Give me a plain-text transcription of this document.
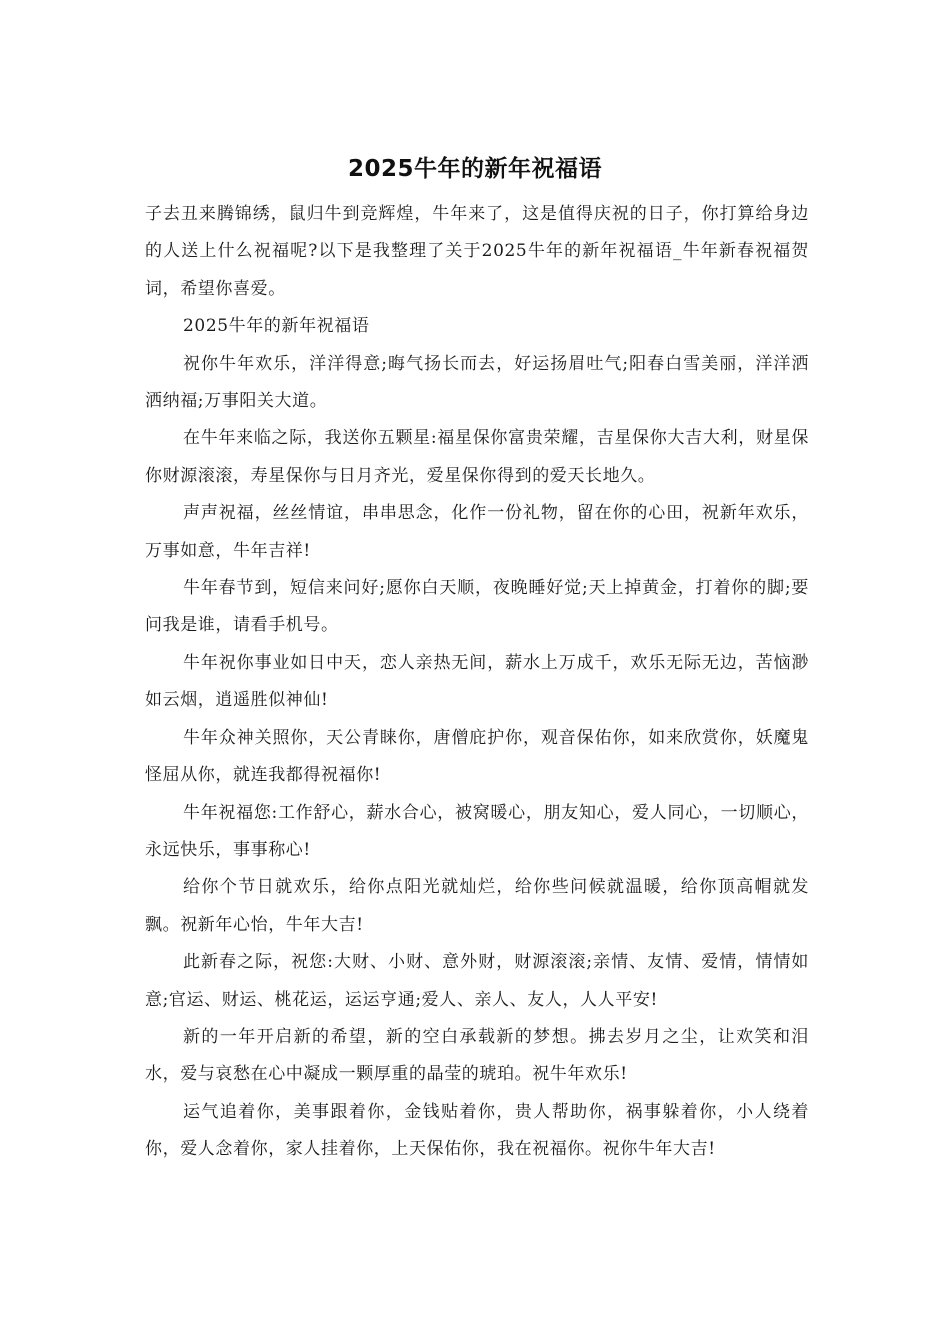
2025牛年的新年祝福语

子去丑来腾锦绣，鼠归牛到竞辉煌，牛年来了，这是值得庆祝的日子，你打算给身边的人送上什么祝福呢?以下是我整理了关于2025牛年的新年祝福语_牛年新春祝福贺词，希望你喜爱。

2025牛年的新年祝福语

祝你牛年欢乐，洋洋得意;晦气扬长而去，好运扬眉吐气;阳春白雪美丽，洋洋洒洒纳福;万事阳关大道。

在牛年来临之际，我送你五颗星:福星保你富贵荣耀，吉星保你大吉大利，财星保你财源滚滚，寿星保你与日月齐光，爱星保你得到的爱天长地久。

声声祝福，丝丝情谊，串串思念，化作一份礼物，留在你的心田，祝新年欢乐，万事如意，牛年吉祥!

牛年春节到，短信来问好;愿你白天顺，夜晚睡好觉;天上掉黄金，打着你的脚;要问我是谁，请看手机号。

牛年祝你事业如日中天，恋人亲热无间，薪水上万成千，欢乐无际无边，苦恼渺如云烟，逍遥胜似神仙!

牛年众神关照你，天公青睐你，唐僧庇护你，观音保佑你，如来欣赏你，妖魔鬼怪屈从你，就连我都得祝福你!

牛年祝福您:工作舒心，薪水合心，被窝暖心，朋友知心，爱人同心，一切顺心，永远快乐，事事称心!

给你个节日就欢乐，给你点阳光就灿烂，给你些问候就温暖，给你顶高帽就发飘。祝新年心怡，牛年大吉!

此新春之际，祝您:大财、小财、意外财，财源滚滚;亲情、友情、爱情，情情如意;官运、财运、桃花运，运运亨通;爱人、亲人、友人，人人平安!

新的一年开启新的希望，新的空白承载新的梦想。拂去岁月之尘，让欢笑和泪水，爱与哀愁在心中凝成一颗厚重的晶莹的琥珀。祝牛年欢乐!

运气追着你，美事跟着你，金钱贴着你，贵人帮助你，祸事躲着你，小人绕着你，爱人念着你，家人挂着你，上天保佑你，我在祝福你。祝你牛年大吉!
